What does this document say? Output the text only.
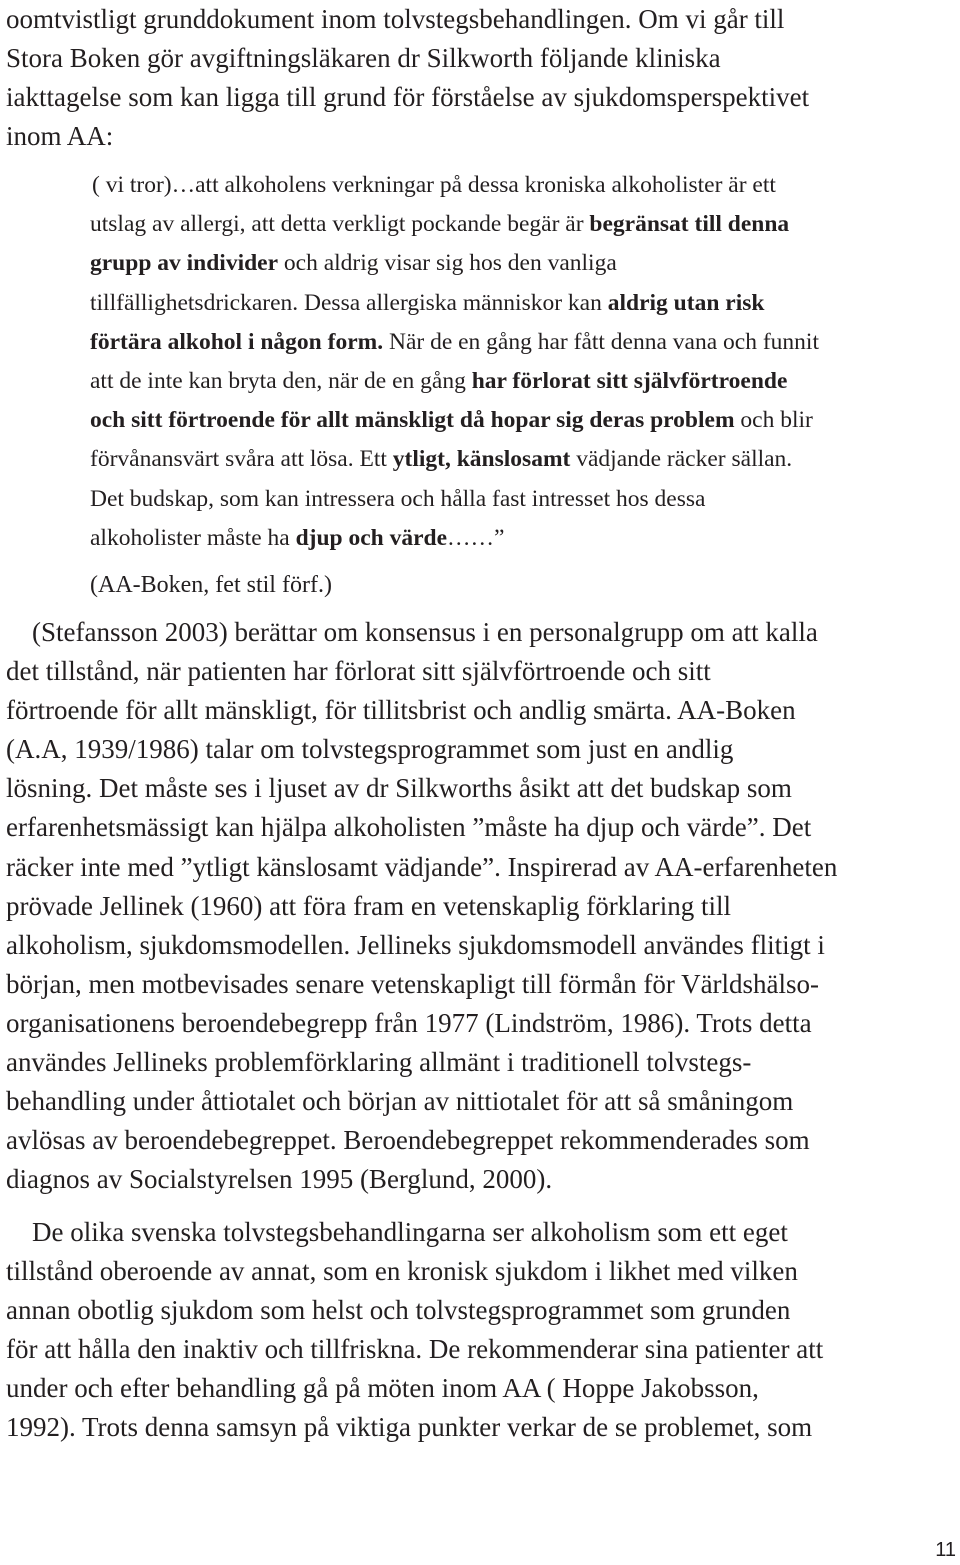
oomtvistligt grunddokument inom tolvstegsbehandlingen. Om vi går till
Stora Boken gör avgiftningsläkaren dr Silkworth följande kliniska
iakttagelse som kan ligga till grund för förståelse av sjukdomsperspektivet
inom AA:

( vi tror)…att alkoholens verkningar på dessa kroniska alkoholister är ett
utslag av allergi, att detta verkligt pockande begär är begränsat till denna
grupp av individer och aldrig visar sig hos den vanliga
tillfällighetsdrickaren. Dessa allergiska människor kan aldrig utan risk
förtära alkohol i någon form. När de en gång har fått denna vana och funnit
att de inte kan bryta den, när de en gång har förlorat sitt självförtroende
och sitt förtroende för allt mänskligt då hopar sig deras problem och blir
förvånansvärt svåra att lösa. Ett ytligt, känslosamt vädjande räcker sällan.
Det budskap, som kan intressera och hålla fast intresset hos dessa
alkoholister måste ha djup och värde……”

(AA-Boken, fet stil förf.)

(Stefansson 2003) berättar om konsensus i en personalgrupp om att kalla
det tillstånd, när patienten har förlorat sitt självförtroende och sitt
förtroende för allt mänskligt, för tillitsbrist och andlig smärta. AA-Boken
(A.A, 1939/1986) talar om tolvstegsprogrammet som just en andlig
lösning. Det måste ses i ljuset av dr Silkworths åsikt att det budskap som
erfarenhetsmässigt kan hjälpa alkoholisten ”måste ha djup och värde”. Det
räcker inte med ”ytligt känslosamt vädjande”. Inspirerad av AA-erfarenheten
prövade Jellinek (1960) att föra fram en vetenskaplig förklaring till
alkoholism, sjukdomsmodellen. Jellineks sjukdomsmodell användes flitigt i
början, men motbevisades senare vetenskapligt till förmån för Världshälso-
organisationens beroendebegrepp från 1977 (Lindström, 1986). Trots detta
användes Jellineks problemförklaring allmänt i traditionell tolvstegs-
behandling under åttiotalet och början av nittiotalet för att så småningom
avlösas av beroendebegreppet. Beroendebegreppet rekommenderades som
diagnos av Socialstyrelsen 1995 (Berglund, 2000).

De olika svenska tolvstegsbehandlingarna ser alkoholism som ett eget
tillstånd oberoende av annat, som en kronisk sjukdom i likhet med vilken
annan obotlig sjukdom som helst och tolvstegsprogrammet som grunden
för att hålla den inaktiv och tillfriskna. De rekommenderar sina patienter att
under och efter behandling gå på möten inom AA ( Hoppe Jakobsson,
1992). Trots denna samsyn på viktiga punkter verkar de se problemet, som

11
